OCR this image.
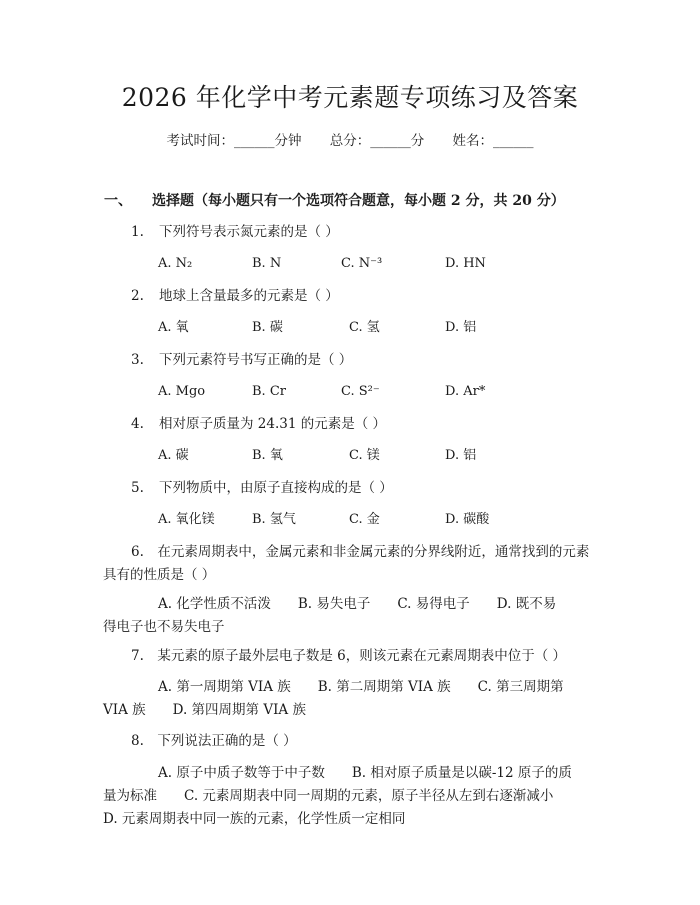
2026 年化学中考元素题专项练习及答案
考试时间：______分钟 总分：______分 姓名：______
一、 选择题（每小题只有一个选项符合题意，每小题 2 分，共 20 分）
1. 下列符号表示氮元素的是（ ）
A. N₂	B. N	C. N⁻³	D. HN
2. 地球上含量最多的元素是（ ）
A. 氧	B. 碳	C. 氢	D. 铝
3. 下列元素符号书写正确的是（ ）
A. Mgo	B. Cr	C. S²⁻	D. Ar*
4. 相对原子质量为 24.31 的元素是（ ）
A. 碳	B. 氧	C. 镁	D. 铝
5. 下列物质中，由原子直接构成的是（ ）
A. 氧化镁	B. 氢气	C. 金	D. 碳酸
6.　在元素周期表中，金属元素和非金属元素的分界线附近，通常找到的元素
具有的性质是（ ）
A. 化学性质不活泼　　B. 易失电子　　C. 易得电子　　D. 既不易
得电子也不易失电子
7.　某元素的原子最外层电子数是 6，则该元素在元素周期表中位于（ ）
A. 第一周期第 VIA 族　　B. 第二周期第 VIA 族　　C. 第三周期第
VIA 族　　D. 第四周期第 VIA 族
8.　下列说法正确的是（ ）
A. 原子中质子数等于中子数　　B. 相对原子质量是以碳-12 原子的质
量为标准　　C. 元素周期表中同一周期的元素，原子半径从左到右逐渐减小
D. 元素周期表中同一族的元素，化学性质一定相同
